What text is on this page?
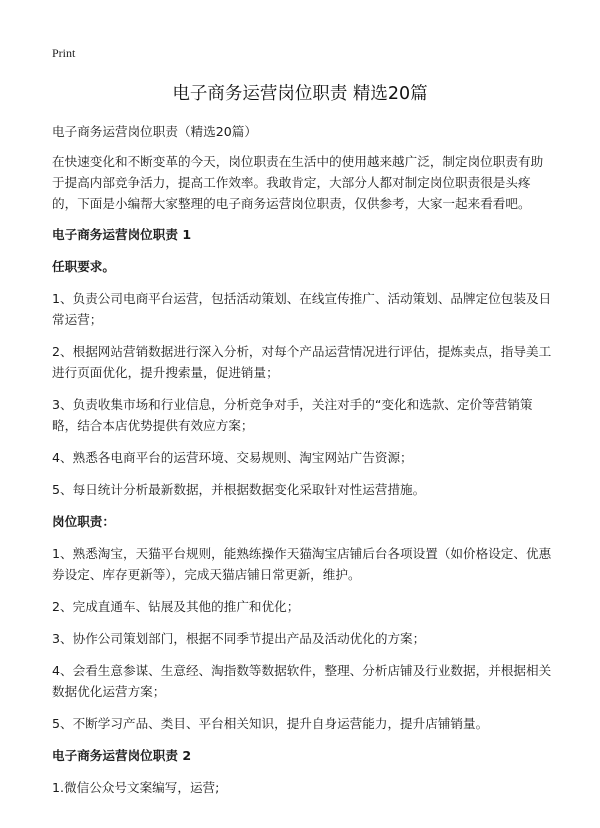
Print
电子商务运营岗位职责 精选20篇

电子商务运营岗位职责（精选20篇）

在快速变化和不断变革的今天，岗位职责在生活中的使用越来越广泛，制定岗位职责有助于提高内部竞争活力，提高工作效率。我敢肯定，大部分人都对制定岗位职责很是头疼的，下面是小编帮大家整理的电子商务运营岗位职责，仅供参考，大家一起来看看吧。

电子商务运营岗位职责 1

任职要求。

1、负责公司电商平台运营，包括活动策划、在线宣传推广、活动策划、品牌定位包装及日常运营；

2、根据网站营销数据进行深入分析，对每个产品运营情况进行评估，提炼卖点，指导美工进行页面优化，提升搜索量，促进销量；

3、负责收集市场和行业信息，分析竞争对手，关注对手的“变化和选款、定价等营销策略，结合本店优势提供有效应方案；

4、熟悉各电商平台的运营环境、交易规则、淘宝网站广告资源；

5、每日统计分析最新数据，并根据数据变化采取针对性运营措施。

岗位职责：

1、熟悉淘宝，天猫平台规则，能熟练操作天猫淘宝店铺后台各项设置（如价格设定、优惠券设定、库存更新等），完成天猫店铺日常更新，维护。

2、完成直通车、钻展及其他的推广和优化；

3、协作公司策划部门，根据不同季节提出产品及活动优化的方案；

4、会看生意参谋、生意经、淘指数等数据软件，整理、分析店铺及行业数据，并根据相关数据优化运营方案；

5、不断学习产品、类目、平台相关知识，提升自身运营能力，提升店铺销量。

电子商务运营岗位职责 2

1.微信公众号文案编写，运营;
